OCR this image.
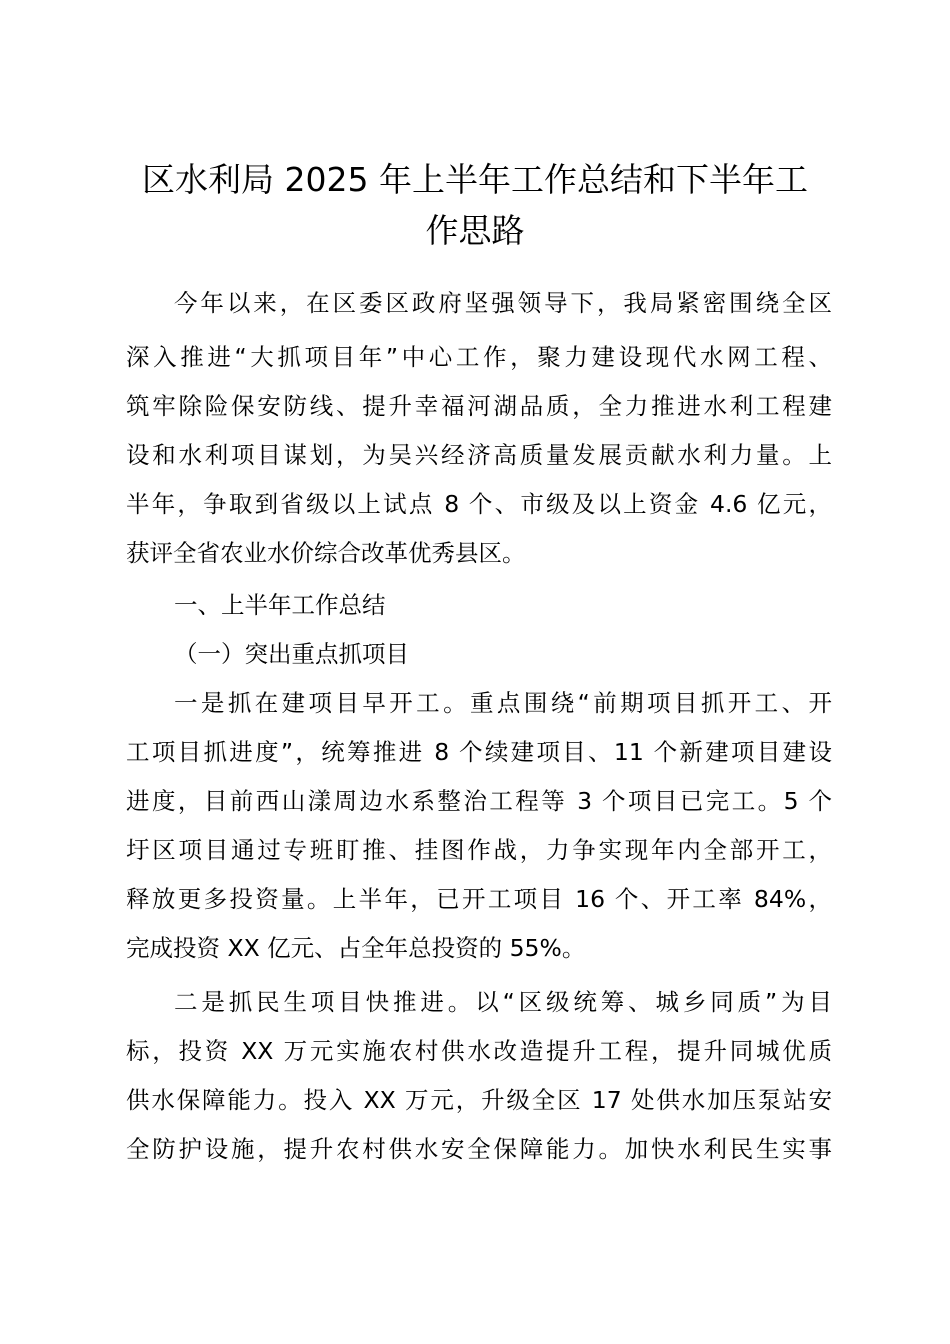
区水利局 2025 年上半年工作总结和下半年工
作思路
今年以来，在区委区政府坚强领导下，我局紧密围绕全区
深入推进“大抓项目年”中心工作，聚力建设现代水网工程、
筑牢除险保安防线、提升幸福河湖品质，全力推进水利工程建
设和水利项目谋划，为吴兴经济高质量发展贡献水利力量。上
半年，争取到省级以上试点 8 个、市级及以上资金 4.6 亿元，
获评全省农业水价综合改革优秀县区。
一、上半年工作总结
（一）突出重点抓项目
一是抓在建项目早开工。重点围绕“前期项目抓开工、开
工项目抓进度”，统筹推进 8 个续建项目、11 个新建项目建设
进度，目前西山漾周边水系整治工程等 3 个项目已完工。5 个
圩区项目通过专班盯推、挂图作战，力争实现年内全部开工，
释放更多投资量。上半年，已开工项目 16 个、开工率 84%，
完成投资 XX 亿元、占全年总投资的 55%。
二是抓民生项目快推进。以“区级统筹、城乡同质”为目
标，投资 XX 万元实施农村供水改造提升工程，提升同城优质
供水保障能力。投入 XX 万元，升级全区 17 处供水加压泵站安
全防护设施，提升农村供水安全保障能力。加快水利民生实事
